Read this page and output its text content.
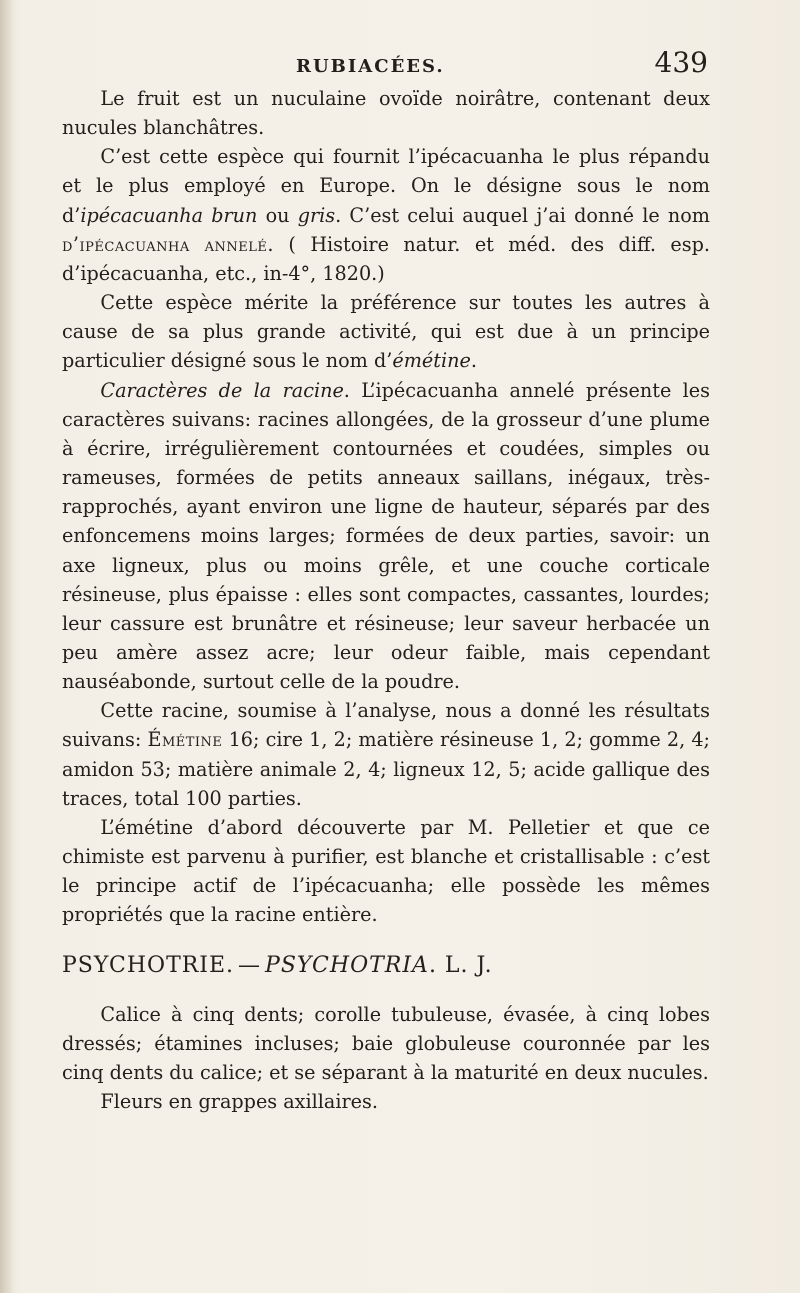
RUBIACÉES.	439

Le fruit est un nuculaine ovoïde noirâtre, contenant deux nucules blanchâtres.

C’est cette espèce qui fournit l’ipécacuanha le plus répandu et le plus employé en Europe. On le désigne sous le nom d’ipécacuanha brun ou gris. C’est celui auquel j’ai donné le nom d’ipécacuanha annelé. ( Histoire natur. et méd. des diff. esp. d’ipécacuanha, etc., in-4°, 1820.)

Cette espèce mérite la préférence sur toutes les autres à cause de sa plus grande activité, qui est due à un principe particulier désigné sous le nom d’émétine.

Caractères de la racine. L’ipécacuanha annelé présente les caractères suivans: racines allongées, de la grosseur d’une plume à écrire, irrégulièrement contournées et coudées, simples ou rameuses, formées de petits anneaux saillans, inégaux, très-rapprochés, ayant environ une ligne de hauteur, séparés par des enfoncemens moins larges; formées de deux parties, savoir: un axe ligneux, plus ou moins grêle, et une couche corticale résineuse, plus épaisse : elles sont compactes, cassantes, lourdes; leur cassure est brunâtre et résineuse; leur saveur herbacée un peu amère assez acre; leur odeur faible, mais cependant nauséabonde, surtout celle de la poudre.

Cette racine, soumise à l’analyse, nous a donné les résultats suivans: Émétine 16; cire 1, 2; matière résineuse 1, 2; gomme 2, 4; amidon 53; matière animale 2, 4; ligneux 12, 5; acide gallique des traces, total 100 parties.

L’émétine d’abord découverte par M. Pelletier et que ce chimiste est parvenu à purifier, est blanche et cristallisable : c’est le principe actif de l’ipécacuanha; elle possède les mêmes propriétés que la racine entière.

PSYCHOTRIE. — PSYCHOTRIA. L. J.

Calice à cinq dents; corolle tubuleuse, évasée, à cinq lobes dressés; étamines incluses; baie globuleuse couronnée par les cinq dents du calice; et se séparant à la maturité en deux nucules.

Fleurs en grappes axillaires.
